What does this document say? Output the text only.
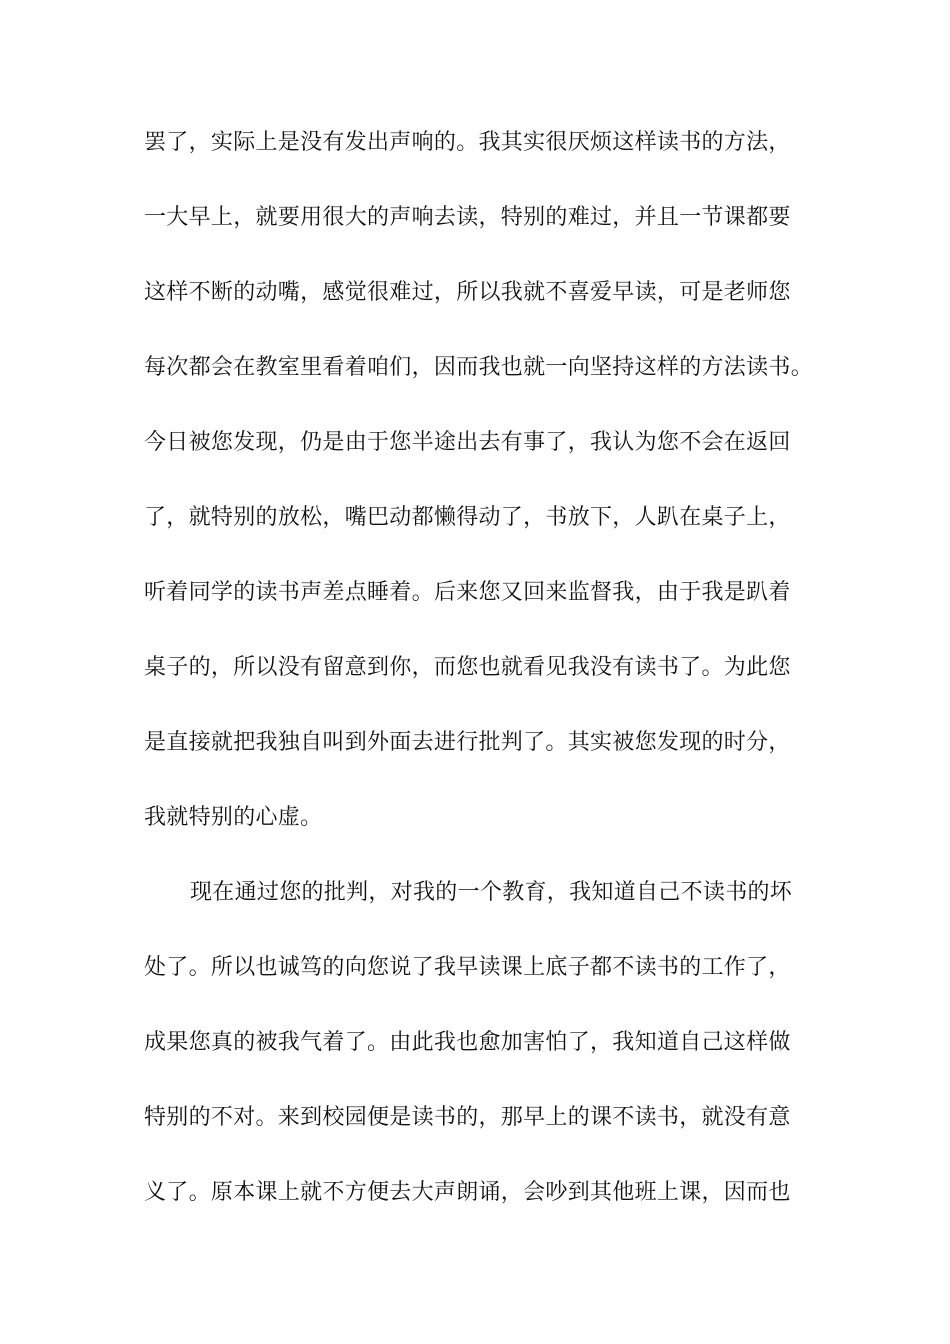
罢了，实际上是没有发出声响的。我其实很厌烦这样读书的方法，
一大早上，就要用很大的声响去读，特别的难过，并且一节课都要
这样不断的动嘴，感觉很难过，所以我就不喜爱早读，可是老师您
每次都会在教室里看着咱们，因而我也就一向坚持这样的方法读书。
今日被您发现，仍是由于您半途出去有事了，我认为您不会在返回
了，就特别的放松，嘴巴动都懒得动了，书放下，人趴在桌子上，
听着同学的读书声差点睡着。后来您又回来监督我，由于我是趴着
桌子的，所以没有留意到你，而您也就看见我没有读书了。为此您
是直接就把我独自叫到外面去进行批判了。其实被您发现的时分，
我就特别的心虚。
现在通过您的批判，对我的一个教育，我知道自己不读书的坏
处了。所以也诚笃的向您说了我早读课上底子都不读书的工作了，
成果您真的被我气着了。由此我也愈加害怕了，我知道自己这样做
特别的不对。来到校园便是读书的，那早上的课不读书，就没有意
义了。原本课上就不方便去大声朗诵，会吵到其他班上课，因而也
